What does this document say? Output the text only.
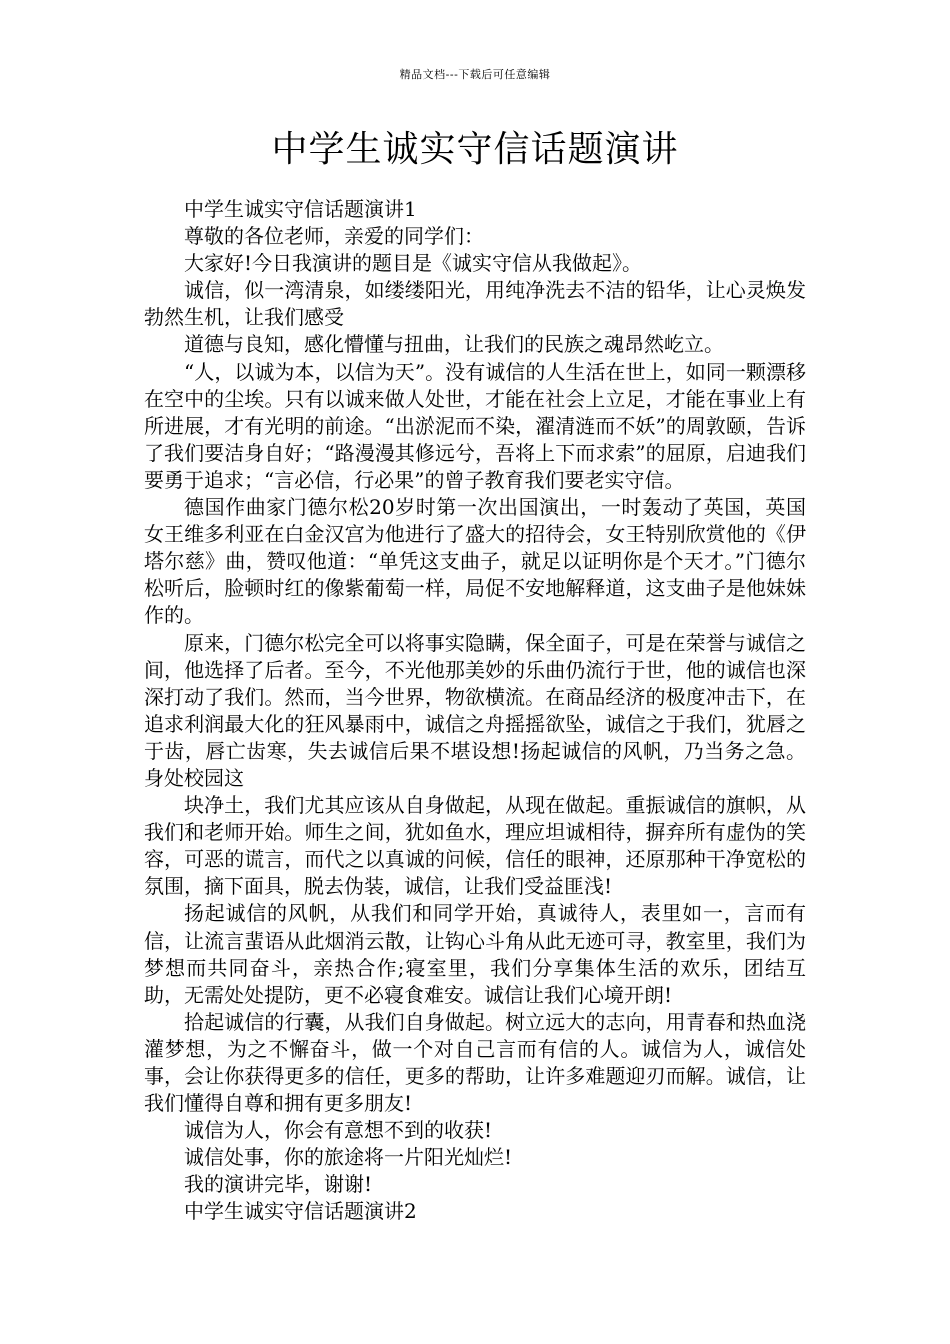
精品文档---下载后可任意编辑
中学生诚实守信话题演讲

中学生诚实守信话题演讲1

尊敬的各位老师，亲爱的同学们：

大家好!今日我演讲的题目是《诚实守信从我做起》。

诚信，似一湾清泉，如缕缕阳光，用纯净洗去不洁的铅华，让心灵焕发勃然生机，让我们感受

道德与良知，感化懵懂与扭曲，让我们的民族之魂昂然屹立。

“人，以诚为本，以信为天”。没有诚信的人生活在世上，如同一颗漂移在空中的尘埃。只有以诚来做人处世，才能在社会上立足，才能在事业上有所进展，才有光明的前途。“出淤泥而不染，濯清涟而不妖”的周敦颐，告诉了我们要洁身自好；“路漫漫其修远兮，吾将上下而求索”的屈原，启迪我们要勇于追求；“言必信，行必果”的曾子教育我们要老实守信。

德国作曲家门德尔松20岁时第一次出国演出，一时轰动了英国，英国女王维多利亚在白金汉宫为他进行了盛大的招待会，女王特别欣赏他的《伊塔尔慈》曲，赞叹他道：“单凭这支曲子，就足以证明你是个天才。”门德尔松听后，脸顿时红的像紫葡萄一样，局促不安地解释道，这支曲子是他妹妹作的。

原来，门德尔松完全可以将事实隐瞒，保全面子，可是在荣誉与诚信之间，他选择了后者。至今，不光他那美妙的乐曲仍流行于世，他的诚信也深深打动了我们。然而，当今世界，物欲横流。在商品经济的极度冲击下，在追求利润最大化的狂风暴雨中，诚信之舟摇摇欲坠，诚信之于我们，犹唇之于齿，唇亡齿寒，失去诚信后果不堪设想!扬起诚信的风帆，乃当务之急。身处校园这

块净土，我们尤其应该从自身做起，从现在做起。重振诚信的旗帜，从我们和老师开始。师生之间，犹如鱼水，理应坦诚相待，摒弃所有虚伪的笑容，可恶的谎言，而代之以真诚的问候，信任的眼神，还原那种干净宽松的氛围，摘下面具，脱去伪装，诚信，让我们受益匪浅!

扬起诚信的风帆，从我们和同学开始，真诚待人，表里如一，言而有信，让流言蜚语从此烟消云散，让钩心斗角从此无迹可寻，教室里，我们为梦想而共同奋斗，亲热合作;寝室里，我们分享集体生活的欢乐，团结互助，无需处处提防，更不必寝食难安。诚信让我们心境开朗!

拾起诚信的行囊，从我们自身做起。树立远大的志向，用青春和热血浇灌梦想，为之不懈奋斗，做一个对自己言而有信的人。诚信为人，诚信处事，会让你获得更多的信任，更多的帮助，让许多难题迎刃而解。诚信，让我们懂得自尊和拥有更多朋友!

诚信为人，你会有意想不到的收获!

诚信处事，你的旅途将一片阳光灿烂!

我的演讲完毕，谢谢!

中学生诚实守信话题演讲2
